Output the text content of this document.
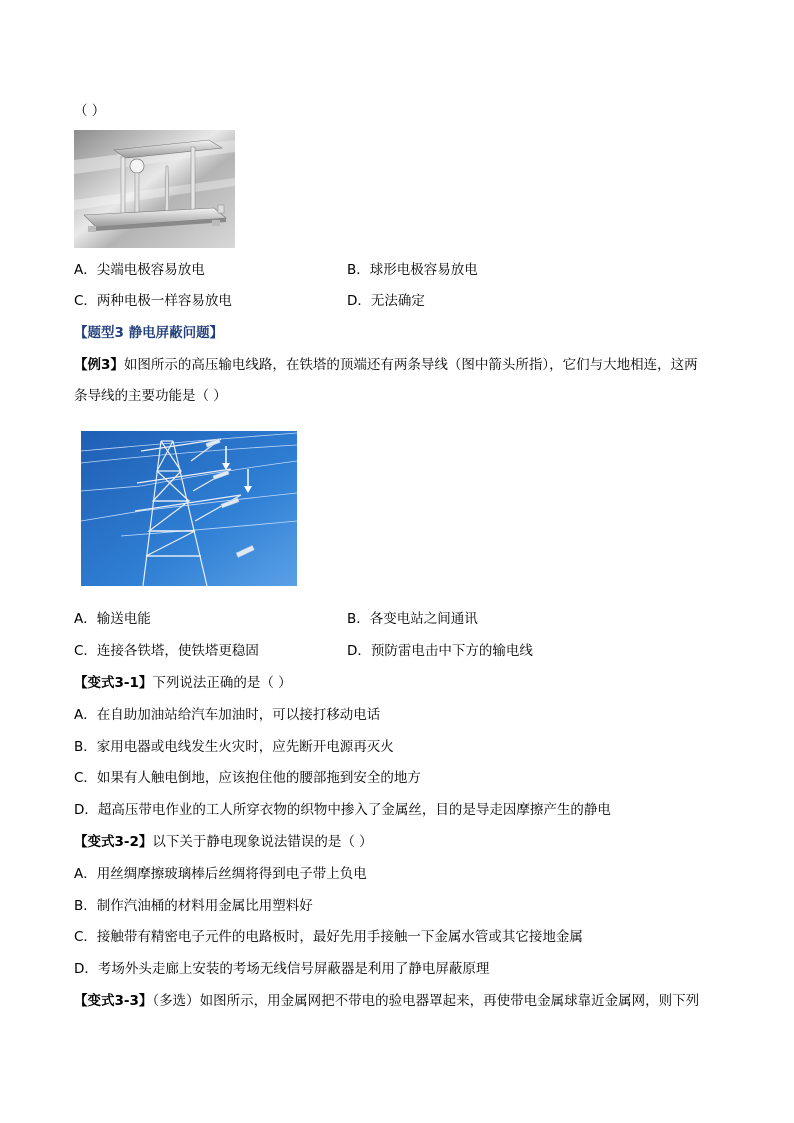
（ ）
A．尖端电极容易放电	B．球形电极容易放电
C．两种电极一样容易放电	D．无法确定
【题型3 静电屏蔽问题】
【例3】如图所示的高压输电线路，在铁塔的顶端还有两条导线（图中箭头所指），它们与大地相连，这两
条导线的主要功能是（ ）
A．输送电能	B．各变电站之间通讯
C．连接各铁塔，使铁塔更稳固	D．预防雷电击中下方的输电线
【变式3-1】下列说法正确的是（ ）
A．在自助加油站给汽车加油时，可以接打移动电话
B．家用电器或电线发生火灾时，应先断开电源再灭火
C．如果有人触电倒地，应该抱住他的腰部拖到安全的地方
D．超高压带电作业的工人所穿衣物的织物中掺入了金属丝，目的是导走因摩擦产生的静电
【变式3-2】以下关于静电现象说法错误的是（ ）
A．用丝绸摩擦玻璃棒后丝绸将得到电子带上负电
B．制作汽油桶的材料用金属比用塑料好
C．接触带有精密电子元件的电路板时，最好先用手接触一下金属水管或其它接地金属
D．考场外头走廊上安装的考场无线信号屏蔽器是利用了静电屏蔽原理
【变式3-3】（多选）如图所示，用金属网把不带电的验电器罩起来，再使带电金属球靠近金属网，则下列
